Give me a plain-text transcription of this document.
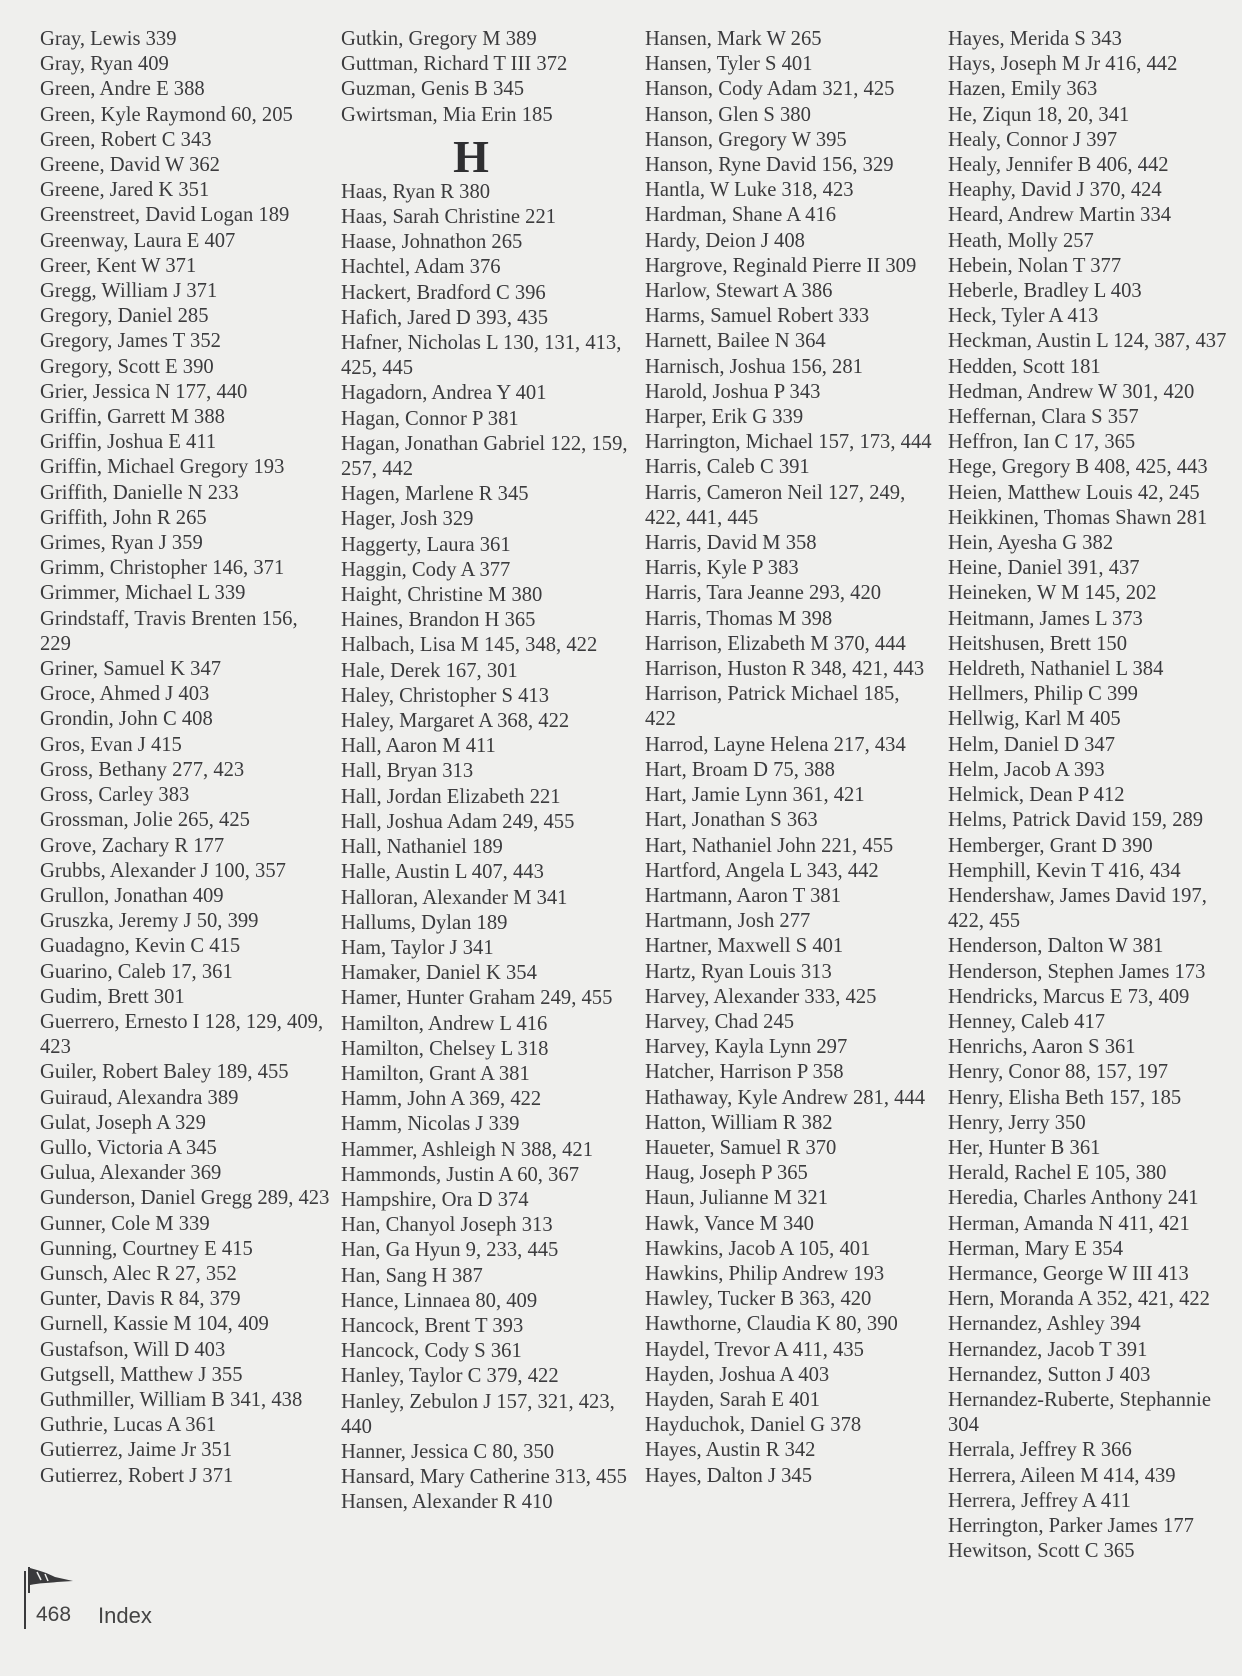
Gray, Lewis 339
Gray, Ryan 409
Green, Andre E 388
Green, Kyle Raymond 60, 205
Green, Robert C 343
Greene, David W 362
Greene, Jared K 351
Greenstreet, David Logan 189
Greenway, Laura E 407
Greer, Kent W 371
Gregg, William J 371
Gregory, Daniel 285
Gregory, James T 352
Gregory, Scott E 390
Grier, Jessica N 177, 440
Griffin, Garrett M 388
Griffin, Joshua E 411
Griffin, Michael Gregory 193
Griffith, Danielle N 233
Griffith, John R 265
Grimes, Ryan J 359
Grimm, Christopher 146, 371
Grimmer, Michael L 339
Grindstaff, Travis Brenten 156, 229
Griner, Samuel K 347
Groce, Ahmed J 403
Grondin, John C 408
Gros, Evan J 415
Gross, Bethany 277, 423
Gross, Carley 383
Grossman, Jolie 265, 425
Grove, Zachary R 177
Grubbs, Alexander J 100, 357
Grullon, Jonathan 409
Gruszka, Jeremy J 50, 399
Guadagno, Kevin C 415
Guarino, Caleb 17, 361
Gudim, Brett 301
Guerrero, Ernesto I 128, 129, 409, 423
Guiler, Robert Baley 189, 455
Guiraud, Alexandra 389
Gulat, Joseph A 329
Gullo, Victoria A 345
Gulua, Alexander 369
Gunderson, Daniel Gregg 289, 423
Gunner, Cole M 339
Gunning, Courtney E 415
Gunsch, Alec R 27, 352
Gunter, Davis R 84, 379
Gurnell, Kassie M 104, 409
Gustafson, Will D 403
Gutgsell, Matthew J 355
Guthmiller, William B 341, 438
Guthrie, Lucas A 361
Gutierrez, Jaime Jr 351
Gutierrez, Robert J 371
Gutkin, Gregory M 389
Guttman, Richard T III 372
Guzman, Genis B 345
Gwirtsman, Mia Erin 185
H
Haas, Ryan R 380
Haas, Sarah Christine 221
Haase, Johnathon 265
Hachtel, Adam 376
Hackert, Bradford C 396
Hafich, Jared D 393, 435
Hafner, Nicholas L 130, 131, 413, 425, 445
Hagadorn, Andrea Y 401
Hagan, Connor P 381
Hagan, Jonathan Gabriel 122, 159, 257, 442
Hagen, Marlene R 345
Hager, Josh 329
Haggerty, Laura 361
Haggin, Cody A 377
Haight, Christine M 380
Haines, Brandon H 365
Halbach, Lisa M 145, 348, 422
Hale, Derek 167, 301
Haley, Christopher S 413
Haley, Margaret A 368, 422
Hall, Aaron M 411
Hall, Bryan 313
Hall, Jordan Elizabeth 221
Hall, Joshua Adam 249, 455
Hall, Nathaniel 189
Halle, Austin L 407, 443
Halloran, Alexander M 341
Hallums, Dylan 189
Ham, Taylor J 341
Hamaker, Daniel K 354
Hamer, Hunter Graham 249, 455
Hamilton, Andrew L 416
Hamilton, Chelsey L 318
Hamilton, Grant A 381
Hamm, John A 369, 422
Hamm, Nicolas J 339
Hammer, Ashleigh N 388, 421
Hammonds, Justin A 60, 367
Hampshire, Ora D 374
Han, Chanyol Joseph 313
Han, Ga Hyun 9, 233, 445
Han, Sang H 387
Hance, Linnaea 80, 409
Hancock, Brent T 393
Hancock, Cody S 361
Hanley, Taylor C 379, 422
Hanley, Zebulon J 157, 321, 423, 440
Hanner, Jessica C 80, 350
Hansard, Mary Catherine 313, 455
Hansen, Alexander R 410
Hansen, Mark W 265
Hansen, Tyler S 401
Hanson, Cody Adam 321, 425
Hanson, Glen S 380
Hanson, Gregory W 395
Hanson, Ryne David 156, 329
Hantla, W Luke 318, 423
Hardman, Shane A 416
Hardy, Deion J 408
Hargrove, Reginald Pierre II 309
Harlow, Stewart A 386
Harms, Samuel Robert 333
Harnett, Bailee N 364
Harnisch, Joshua 156, 281
Harold, Joshua P 343
Harper, Erik G 339
Harrington, Michael 157, 173, 444
Harris, Caleb C 391
Harris, Cameron Neil 127, 249, 422, 441, 445
Harris, David M 358
Harris, Kyle P 383
Harris, Tara Jeanne 293, 420
Harris, Thomas M 398
Harrison, Elizabeth M 370, 444
Harrison, Huston R 348, 421, 443
Harrison, Patrick Michael 185, 422
Harrod, Layne Helena 217, 434
Hart, Broam D 75, 388
Hart, Jamie Lynn 361, 421
Hart, Jonathan S 363
Hart, Nathaniel John 221, 455
Hartford, Angela L 343, 442
Hartmann, Aaron T 381
Hartmann, Josh 277
Hartner, Maxwell S 401
Hartz, Ryan Louis 313
Harvey, Alexander 333, 425
Harvey, Chad 245
Harvey, Kayla Lynn 297
Hatcher, Harrison P 358
Hathaway, Kyle Andrew 281, 444
Hatton, William R 382
Haueter, Samuel R 370
Haug, Joseph P 365
Haun, Julianne M 321
Hawk, Vance M 340
Hawkins, Jacob A 105, 401
Hawkins, Philip Andrew 193
Hawley, Tucker B 363, 420
Hawthorne, Claudia K 80, 390
Haydel, Trevor A 411, 435
Hayden, Joshua A 403
Hayden, Sarah E 401
Hayduchok, Daniel G 378
Hayes, Austin R 342
Hayes, Dalton J 345
Hayes, Merida S 343
Hays, Joseph M Jr 416, 442
Hazen, Emily 363
He, Ziqun 18, 20, 341
Healy, Connor J 397
Healy, Jennifer B 406, 442
Heaphy, David J 370, 424
Heard, Andrew Martin 334
Heath, Molly 257
Hebein, Nolan T 377
Heberle, Bradley L 403
Heck, Tyler A 413
Heckman, Austin L 124, 387, 437
Hedden, Scott 181
Hedman, Andrew W 301, 420
Heffernan, Clara S 357
Heffron, Ian C 17, 365
Hege, Gregory B 408, 425, 443
Heien, Matthew Louis 42, 245
Heikkinen, Thomas Shawn 281
Hein, Ayesha G 382
Heine, Daniel 391, 437
Heineken, W M 145, 202
Heitmann, James L 373
Heitshusen, Brett 150
Heldreth, Nathaniel L 384
Hellmers, Philip C 399
Hellwig, Karl M 405
Helm, Daniel D 347
Helm, Jacob A 393
Helmick, Dean P 412
Helms, Patrick David 159, 289
Hemberger, Grant D 390
Hemphill, Kevin T 416, 434
Hendershaw, James David 197, 422, 455
Henderson, Dalton W 381
Henderson, Stephen James 173
Hendricks, Marcus E 73, 409
Henney, Caleb 417
Henrichs, Aaron S 361
Henry, Conor 88, 157, 197
Henry, Elisha Beth 157, 185
Henry, Jerry 350
Her, Hunter B 361
Herald, Rachel E 105, 380
Heredia, Charles Anthony 241
Herman, Amanda N 411, 421
Herman, Mary E 354
Hermance, George W III 413
Hern, Moranda A 352, 421, 422
Hernandez, Ashley 394
Hernandez, Jacob T 391
Hernandez, Sutton J 403
Hernandez-Ruberte, Stephannie 304
Herrala, Jeffrey R 366
Herrera, Aileen M 414, 439
Herrera, Jeffrey A 411
Herrington, Parker James 177
Hewitson, Scott C 365
468 Index
